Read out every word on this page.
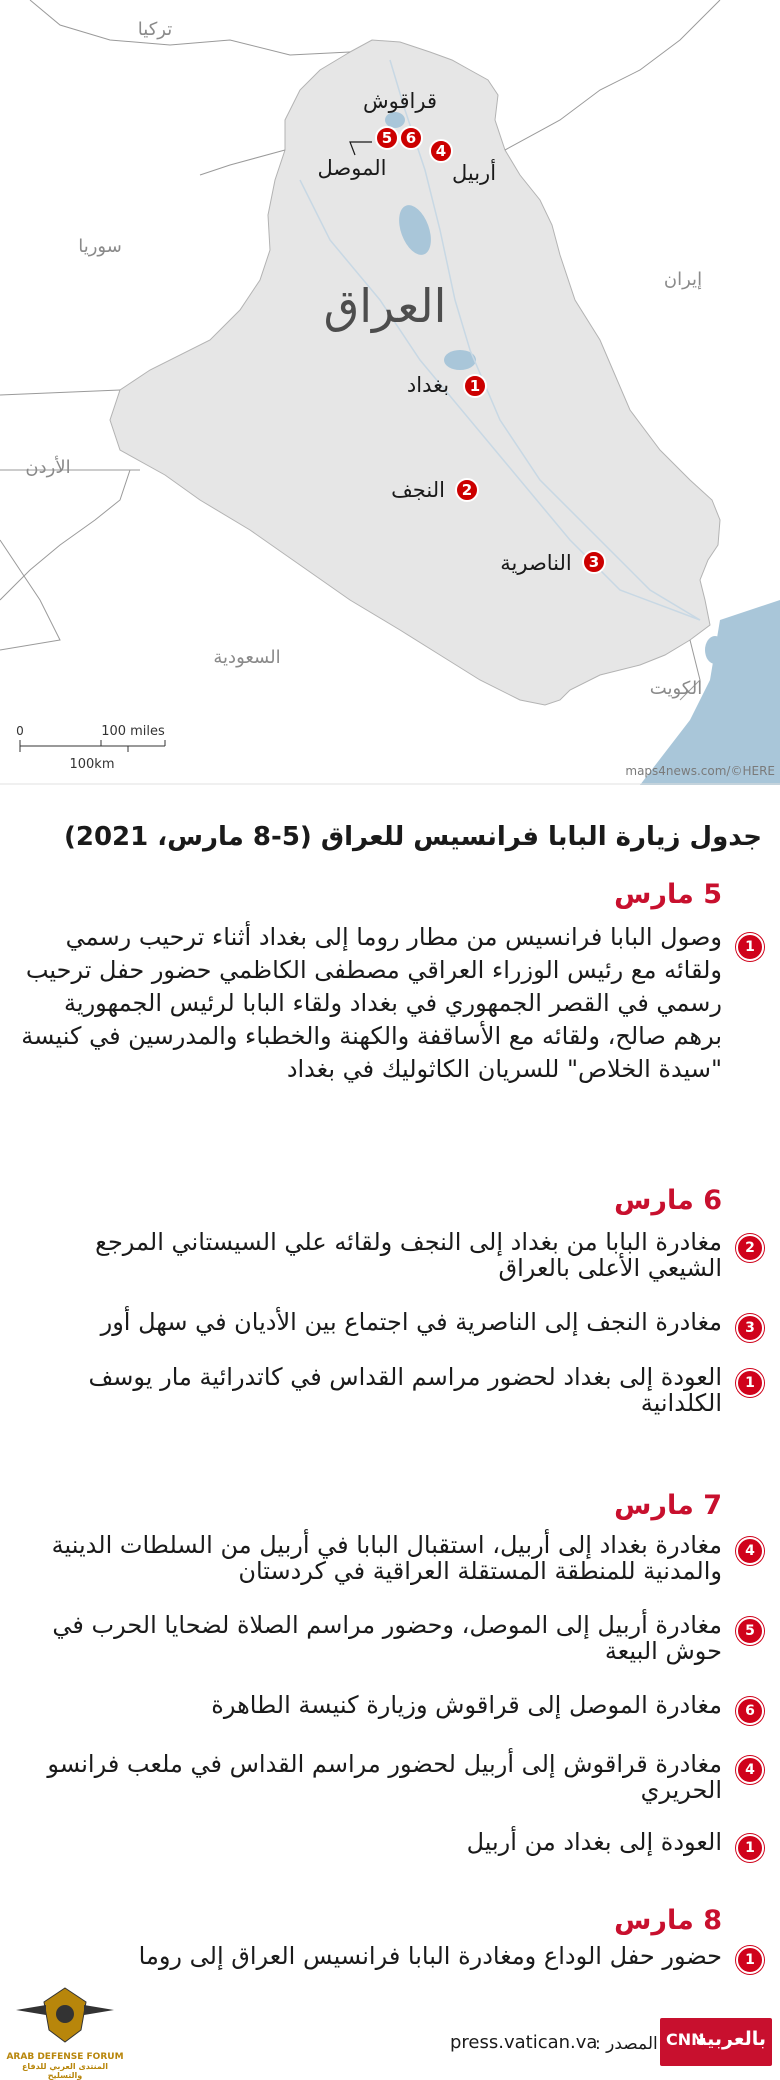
تركيا
سوريا
إيران
العراق
الأردن
السعودية
الكويت
قراقوش
الموصل	أربيل
بغداد
النجف
الناصرية
5 6
4
1
2
3
0	100 miles
100km	maps4news.com/©HERE
جدول زيارة البابا فرانسيس للعراق (5-8 مارس، 2021)
5 مارس
1
وصول البابا فرانسيس من مطار روما إلى بغداد أثناء ترحيب رسمي ولقائه مع رئيس الوزراء العراقي مصطفى الكاظمي حضور حفل ترحيب رسمي في القصر الجمهوري في بغداد ولقاء البابا لرئيس الجمهورية برهم صالح، ولقائه مع الأساقفة والكهنة والخطباء والمدرسين في كنيسة "سيدة الخلاص" للسريان الكاثوليك في بغداد
6 مارس
2
مغادرة البابا من بغداد إلى النجف ولقائه علي السيستاني المرجع الشيعي الأعلى بالعراق
3
مغادرة النجف إلى الناصرية في اجتماع بين الأديان في سهل أور
1
العودة إلى بغداد لحضور مراسم القداس في كاتدرائية مار يوسف الكلدانية
7 مارس
4
مغادرة بغداد إلى أربيل، استقبال البابا في أربيل من السلطات الدينية والمدنية للمنطقة المستقلة العراقية في كردستان
5
مغادرة أربيل إلى الموصل، وحضور مراسم الصلاة لضحايا الحرب في حوش البيعة
6
مغادرة الموصل إلى قراقوش وزيارة كنيسة الطاهرة
4
مغادرة قراقوش إلى أربيل لحضور مراسم القداس في ملعب فرانسو الحريري
1
العودة إلى بغداد من أربيل
8 مارس
1
حضور حفل الوداع ومغادرة البابا فرانسيس العراق إلى روما
ARAB DEFENSE FORUM
المنتدى العربي للدفاع والتسليح
press.vatican.va
المصدر : بالعربية
CNN
